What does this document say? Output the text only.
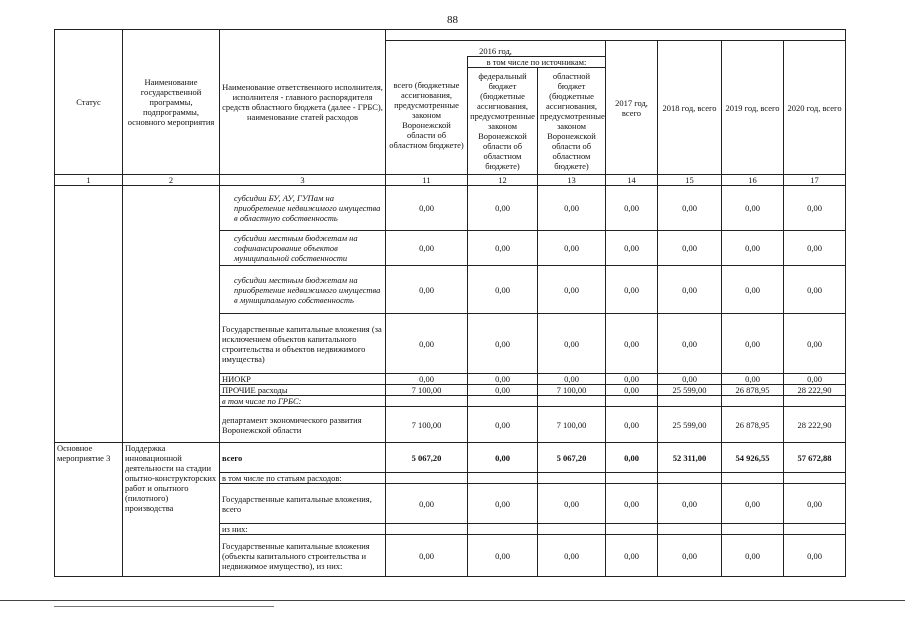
88
Статус	Наименование государственной программы, подпрограммы, основного мероприятия	Наименование ответственного исполнителя, исполнителя - главного распорядителя средств областного бюджета (далее - ГРБС), наименование статей расходов							
			2016 год,			2017 год, всего	2018 год, всего	2019 год, всего	2020 год, всего
			всего (бюджетные ассигнования, предусмотренные законом Воронежской области об областном бюджете)	в том числе по источникам:					
				федеральный бюджет (бюджетные ассигнования, предусмотренные законом Воронежской области об областном бюджете)	областной бюджет (бюджетные ассигнования, предусмотренные законом Воронежской области об областном бюджете)				
1	2	3	11	12	13	14	15	16	17
		субсидии БУ, АУ, ГУПам на приобретение недвижимого имущества в областную собственность	0,00	0,00	0,00	0,00	0,00	0,00	0,00
		субсидии местным бюджетам на софинансирование объектов муниципальной собственности	0,00	0,00	0,00	0,00	0,00	0,00	0,00
		субсидии местным бюджетам на приобретение недвижимого имущества в муниципальную собственность	0,00	0,00	0,00	0,00	0,00	0,00	0,00
		Государственные капитальные вложения (за исключением объектов капитального строительства и объектов недвижимого имущества)	0,00	0,00	0,00	0,00	0,00	0,00	0,00
		НИОКР	0,00	0,00	0,00	0,00	0,00	0,00	0,00
		ПРОЧИЕ расходы	7 100,00	0,00	7 100,00	0,00	25 599,00	26 878,95	28 222,90
		в том числе по ГРБС:							
		департамент экономического развития Воронежской области	7 100,00	0,00	7 100,00	0,00	25 599,00	26 878,95	28 222,90
Основное мероприятие 3	Поддержка инновационной деятельности на стадии опытно-конструкторских работ и опытного (пилотного) производства	всего	5 067,20	0,00	5 067,20	0,00	52 311,00	54 926,55	57 672,88
		в том числе по статьям расходов:							
		Государственные капитальные вложения, всего	0,00	0,00	0,00	0,00	0,00	0,00	0,00
		из них:							
		Государственные капитальные вложения (объекты капитального строительства и недвижимое имущество), из них:	0,00	0,00	0,00	0,00	0,00	0,00	0,00
